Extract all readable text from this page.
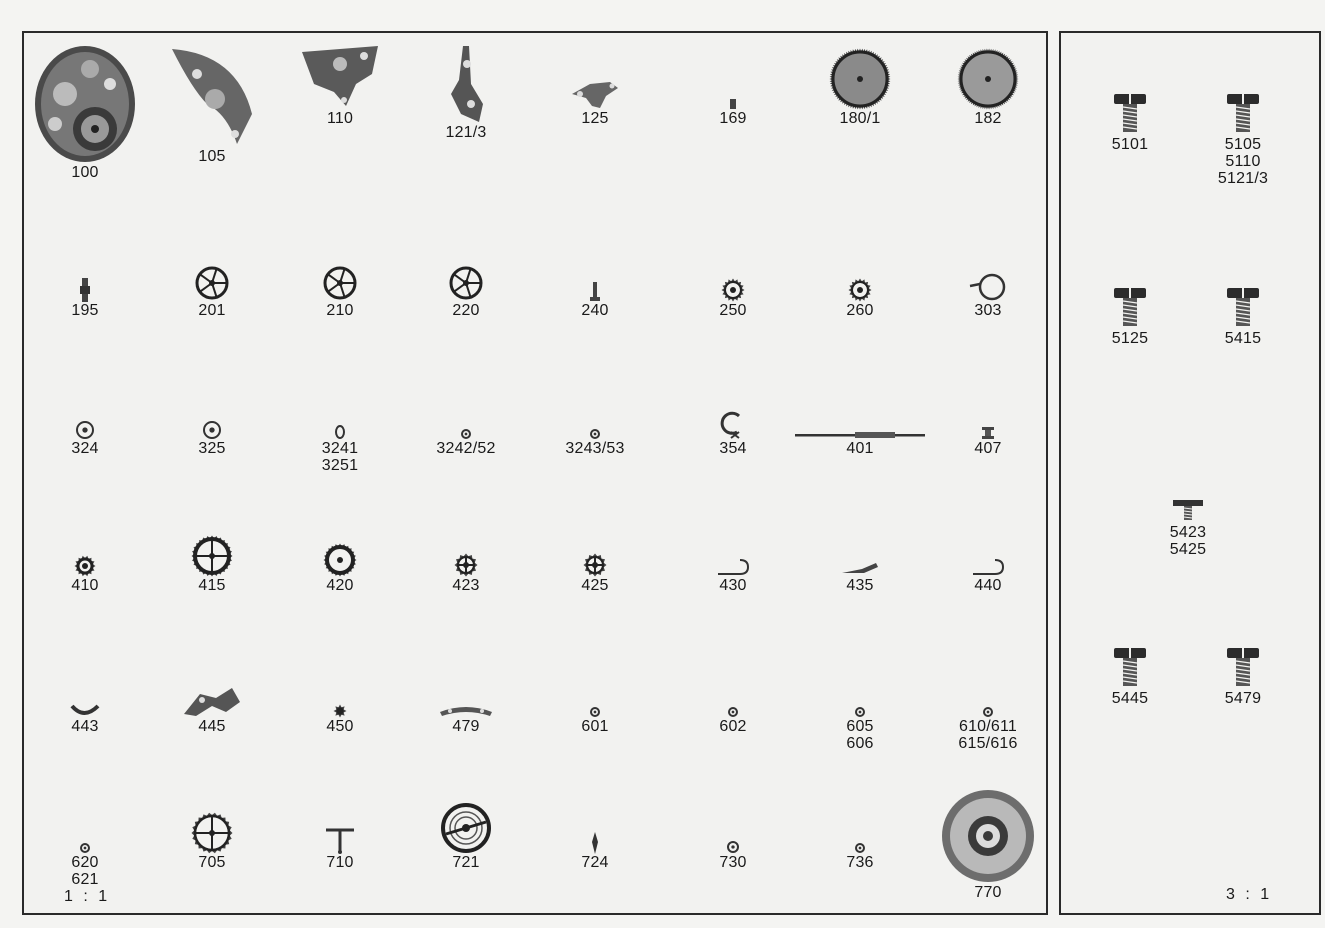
1 : 1	3 : 1
100
105
110
121/3
125	169	180/1	182
195	201	210	220	240	250	260	303
324	325	3241
3251
3242/52	3243/53	354	401	407
410	415	420	423	425	430	435	440
443	445	450	479	601	602	605
606
610/611
615/616
620
621
705	710	721	724	730	736
770
5101	5105
5110
5121/3
5125	5415
5423
5425
5445	5479
